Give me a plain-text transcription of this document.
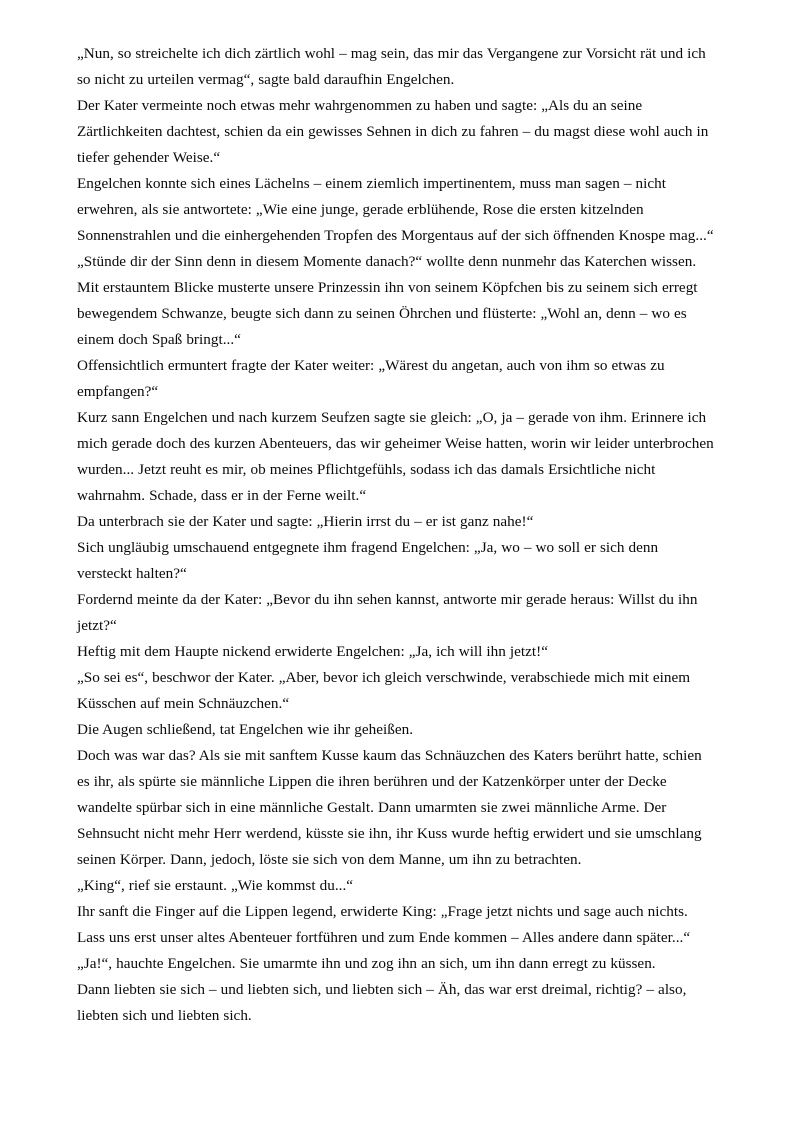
„Nun, so streichelte ich dich zärtlich wohl – mag sein, das mir das Vergangene zur Vorsicht rät und ich so nicht zu urteilen vermag“, sagte bald daraufhin Engelchen.

Der Kater vermeinte noch etwas mehr wahrgenommen zu haben und sagte: „Als du an seine Zärtlichkeiten dachtest, schien da ein gewisses Sehnen in dich zu fahren – du magst diese wohl auch in tiefer gehender Weise.“

Engelchen konnte sich eines Lächelns – einem ziemlich impertinentem, muss man sagen – nicht erwehren, als sie antwortete: „Wie eine junge, gerade erblühende, Rose die ersten kitzelnden Sonnenstrahlen und die einhergehenden Tropfen des Morgentaus auf der sich öffnenden Knospe mag...“

„Stünde dir der Sinn denn in diesem Momente danach?“ wollte denn nunmehr das Katerchen wissen.

Mit erstauntem Blicke musterte unsere Prinzessin ihn von seinem Köpfchen bis zu seinem sich erregt bewegendem Schwanze, beugte sich dann zu seinen Öhrchen und flüsterte: „Wohl an, denn – wo es einem doch Spaß bringt...“

Offensichtlich ermuntert fragte der Kater weiter: „Wärest du angetan, auch von ihm so etwas zu empfangen?“

Kurz sann Engelchen und nach kurzem Seufzen sagte sie gleich: „O, ja – gerade von ihm. Erinnere ich mich gerade doch des kurzen Abenteuers, das wir geheimer Weise hatten, worin wir leider unterbrochen wurden... Jetzt reuht es mir, ob meines Pflichtgefühls, sodass ich das damals Ersichtliche nicht wahrnahm. Schade, dass er in der Ferne weilt.“

Da unterbrach sie der Kater und sagte: „Hierin irrst du – er ist ganz nahe!“

Sich ungläubig umschauend entgegnete ihm fragend Engelchen: „Ja, wo – wo soll er sich denn versteckt halten?“

Fordernd meinte da der Kater: „Bevor du ihn sehen kannst, antworte mir gerade heraus: Willst du ihn jetzt?“

Heftig mit dem Haupte nickend erwiderte Engelchen: „Ja, ich will ihn jetzt!“

„So sei es“, beschwor der Kater. „Aber, bevor ich gleich verschwinde, verabschiede mich mit einem Küsschen auf mein Schnäuzchen.“

Die Augen schließend, tat Engelchen wie ihr geheißen.

Doch was war das? Als sie mit sanftem Kusse kaum das Schnäuzchen des Katers berührt hatte, schien es ihr, als spürte sie männliche Lippen die ihren berühren und der Katzenkörper unter der Decke wandelte spürbar sich in eine männliche Gestalt. Dann umarmten sie zwei männliche Arme. Der Sehnsucht nicht mehr Herr werdend, küsste sie ihn, ihr Kuss wurde heftig erwidert und sie umschlang seinen Körper. Dann, jedoch, löste sie sich von dem Manne, um ihn zu betrachten.

„King“, rief sie erstaunt. „Wie kommst du...“

Ihr sanft die Finger auf die Lippen legend, erwiderte King: „Frage jetzt nichts und sage auch nichts. Lass uns erst unser altes Abenteuer fortführen und zum Ende kommen – Alles andere dann später...“

„Ja!“, hauchte Engelchen. Sie umarmte ihn und zog ihn an sich, um ihn dann erregt zu küssen.

Dann liebten sie sich – und liebten sich, und liebten sich – Äh, das war erst dreimal, richtig? – also, liebten sich und liebten sich.
